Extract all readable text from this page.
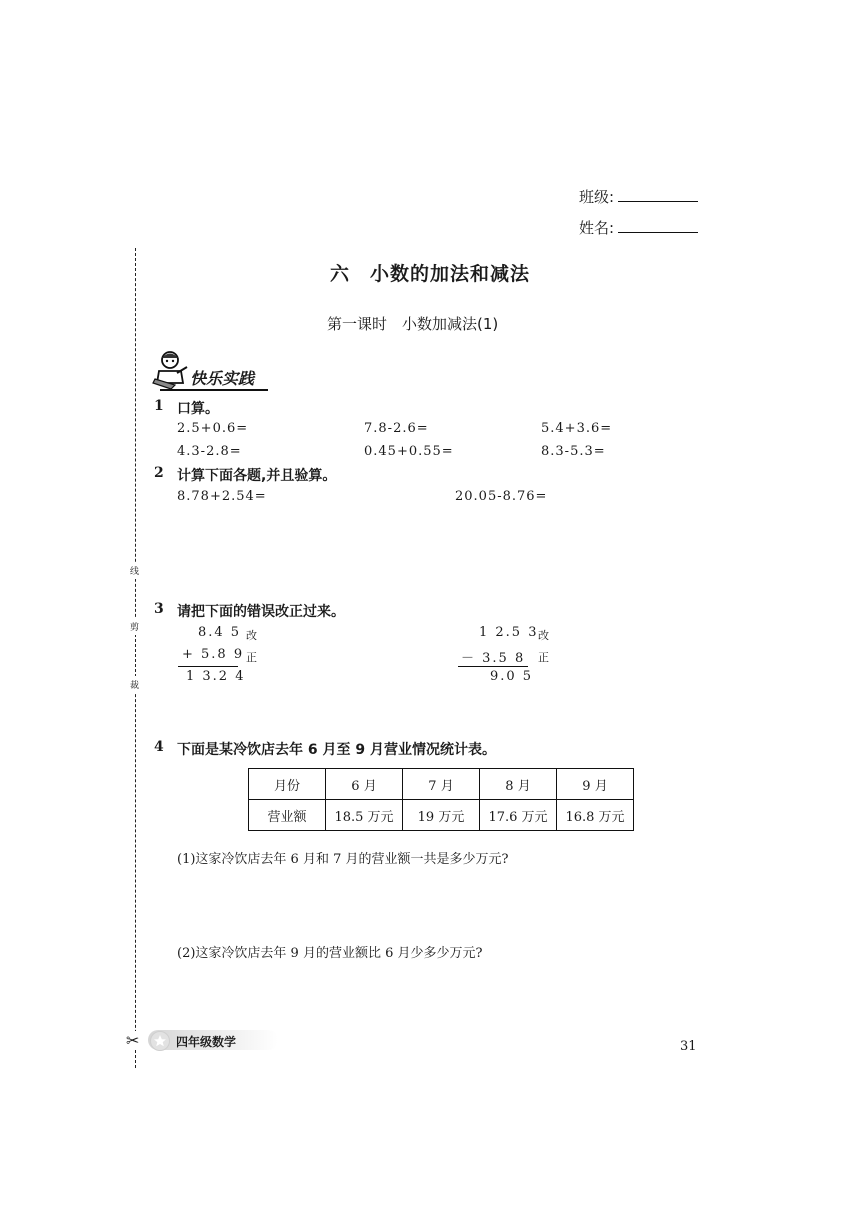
班级:
姓名:
线
剪
裁
✂
六　小数的加法和减法
第一课时　小数加减法(1)
快乐实践
1 口算。
2.5+0.6=	7.8-2.6=	5.4+3.6=
4.3-2.8=	0.45+0.55=	8.3-5.3=
2 计算下面各题,并且验算。
8.78+2.54=	20.05-8.76=
3 请把下面的错误改正过来。
8.4 5 改
+ 5.8 9 正
1 3.2 4
1 2.5 3 改
－ 3.5 8 正
9.0 5
4 下面是某冷饮店去年 6 月至 9 月营业情况统计表。
月份	6 月	7 月	8 月	9 月
营业额	18.5 万元	19 万元	17.6 万元	16.8 万元
(1)这家冷饮店去年 6 月和 7 月的营业额一共是多少万元?
(2)这家冷饮店去年 9 月的营业额比 6 月少多少万元?
四年级数学	31
